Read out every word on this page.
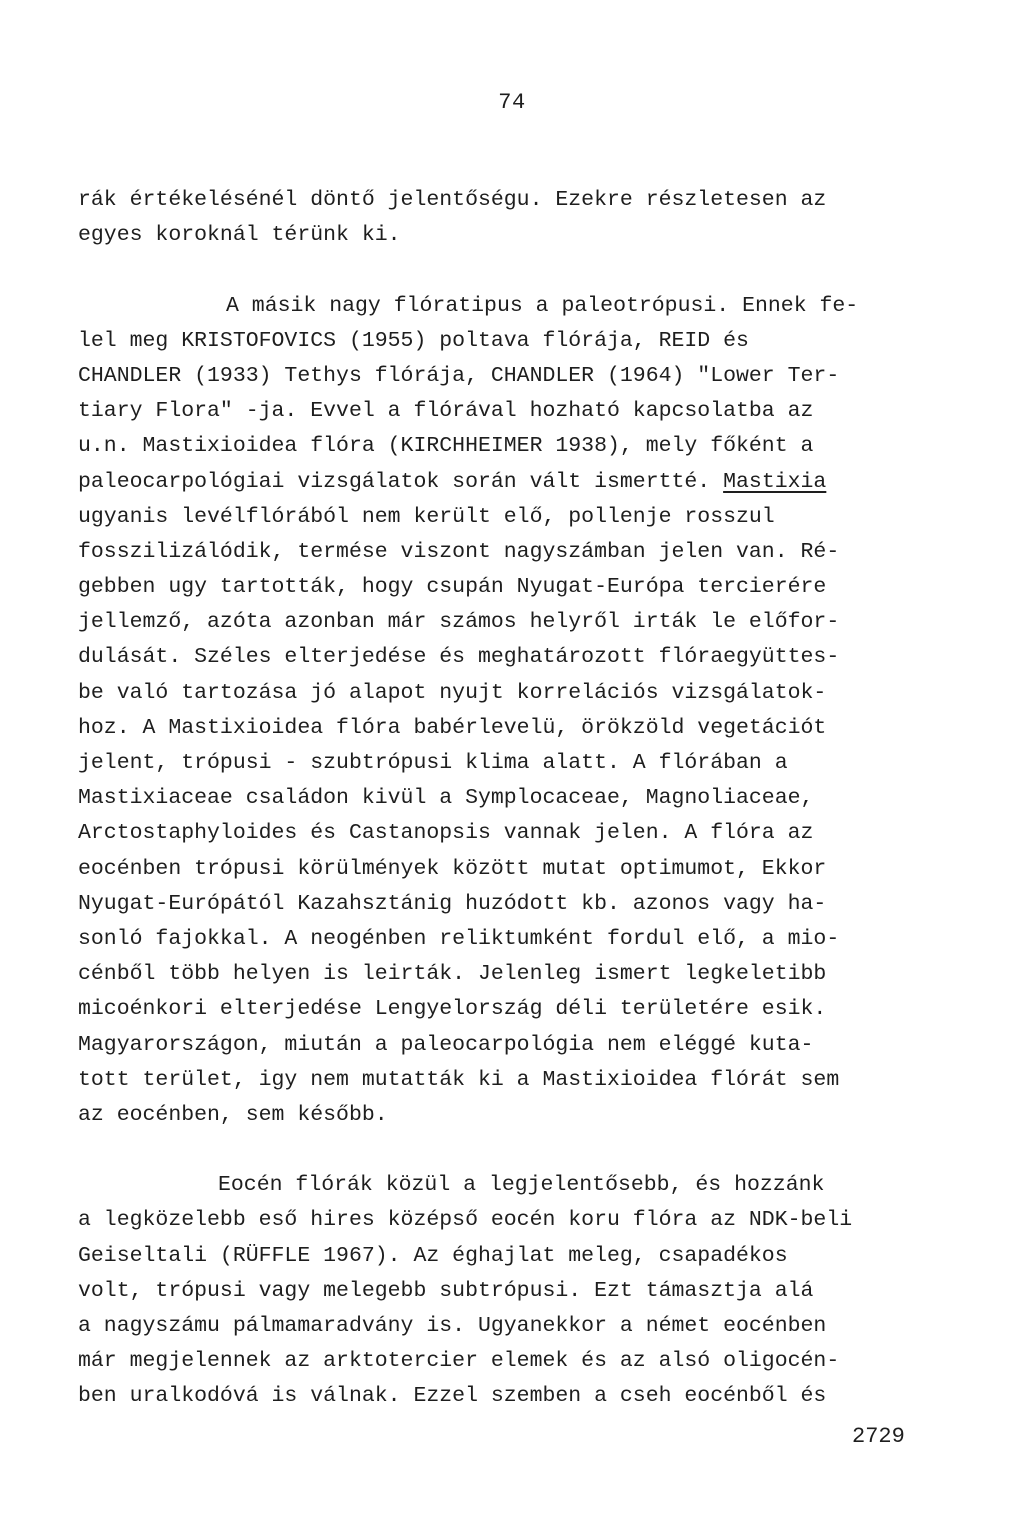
74
rák értékelésénél döntő jelentőségu. Ezekre részletesen az
egyes koroknál térünk ki.
A másik nagy flóratipus a paleotrópusi. Ennek fe-
lel meg KRISTOFOVICS (1955) poltava flórája, REID és
CHANDLER (1933) Tethys flórája, CHANDLER (1964) "Lower Ter-
tiary Flora" -ja. Evvel a flórával hozható kapcsolatba az
u.n. Mastixioidea flóra (KIRCHHEIMER 1938), mely főként a
paleocarpológiai vizsgálatok során vált ismertté. Mastixia
ugyanis levélflórából nem került elő, pollenje rosszul
fosszilizálódik, termése viszont nagyszámban jelen van. Ré-
gebben ugy tartották, hogy csupán Nyugat-Európa tercierére
jellemző, azóta azonban már számos helyről irták le előfor-
dulását. Széles elterjedése és meghatározott flóraegyüttes-
be való tartozása jó alapot nyujt korrelációs vizsgálatok-
hoz. A Mastixioidea flóra babérlevelü, örökzöld vegetációt
jelent, trópusi - szubtrópusi klima alatt. A flórában a
Mastixiaceae családon kivül a Symplocaceae, Magnoliaceae,
Arctostaphyloides és Castanopsis vannak jelen. A flóra az
eocénben trópusi körülmények között mutat optimumot, Ekkor
Nyugat-Európától Kazahsztánig huzódott kb. azonos vagy ha-
sonló fajokkal. A neogénben reliktumként fordul elő, a mio-
cénből több helyen is leirták. Jelenleg ismert legkeletibb
micoénkori elterjedése Lengyelország déli területére esik.
Magyarországon, miután a paleocarpológia nem eléggé kuta-
tott terület, igy nem mutatták ki a Mastixioidea flórát sem
az eocénben, sem később.
Eocén flórák közül a legjelentősebb, és hozzánk
a legközelebb eső hires középső eocén koru flóra az NDK-beli
Geiseltali (RÜFFLE 1967). Az éghajlat meleg, csapadékos
volt, trópusi vagy melegebb subtrópusi. Ezt támasztja alá
a nagyszámu pálmamaradvány is. Ugyanekkor a német eocénben
már megjelennek az arktotercier elemek és az alsó oligocén-
ben uralkodóvá is válnak. Ezzel szemben a cseh eocénből és
2729
